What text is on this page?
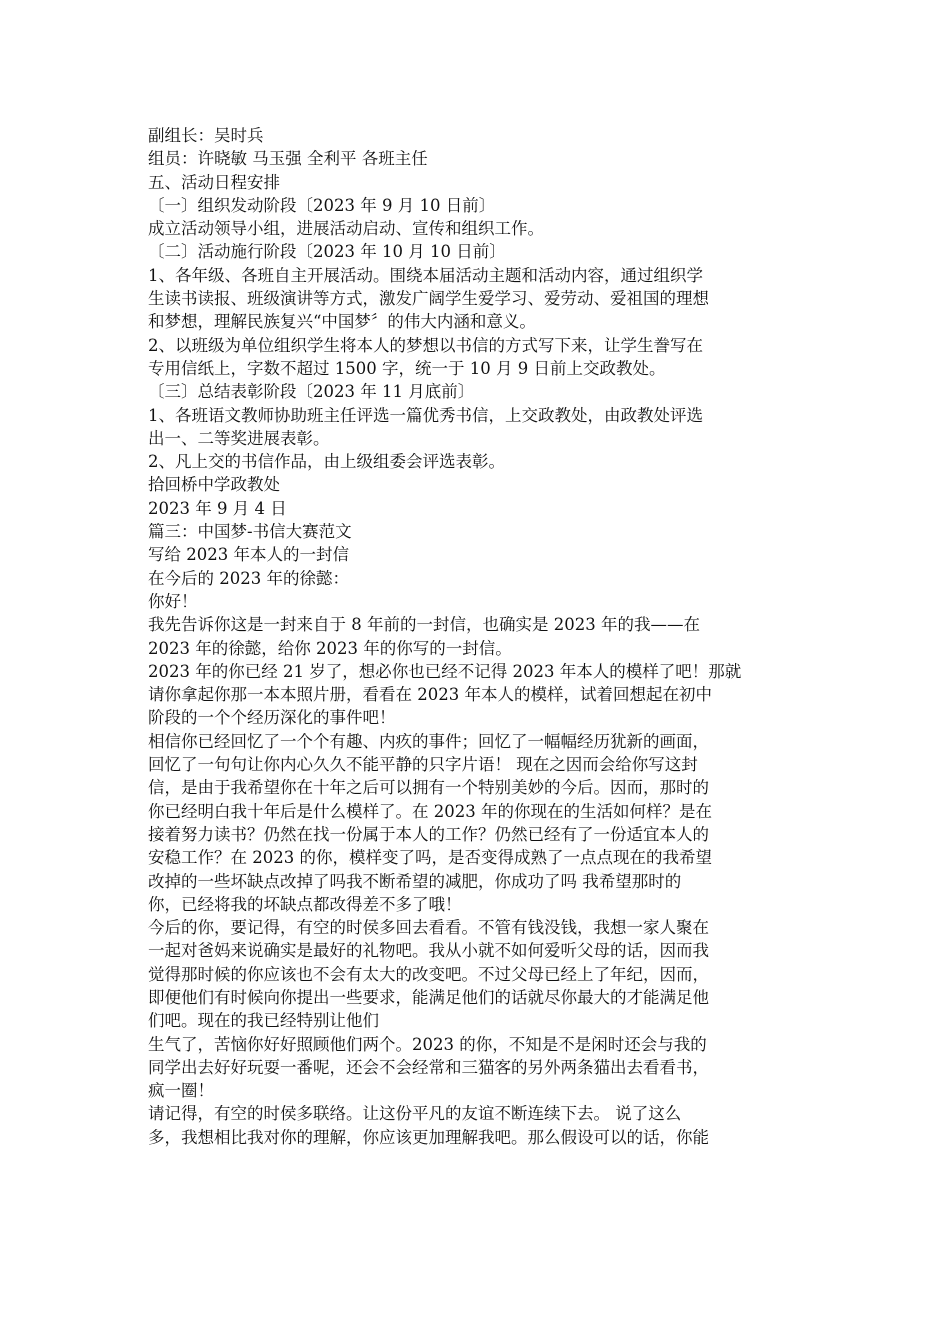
副组长：吴时兵
组员：许晓敏 马玉强 全利平 各班主任
五、活动日程安排
〔一〕组织发动阶段〔2023 年 9 月 10 日前〕
成立活动领导小组，进展活动启动、宣传和组织工作。
〔二〕活动施行阶段〔2023 年 10 月 10 日前〕
1、各年级、各班自主开展活动。围绕本届活动主题和活动内容，通过组织学
生读书读报、班级演讲等方式，激发广阔学生爱学习、爱劳动、爱祖国的理想
和梦想，理解民族复兴“中国梦〞的伟大内涵和意义。
2、以班级为单位组织学生将本人的梦想以书信的方式写下来，让学生誊写在
专用信纸上，字数不超过 1500 字，统一于 10 月 9 日前上交政教处。
〔三〕总结表彰阶段〔2023 年 11 月底前〕
1、各班语文教师协助班主任评选一篇优秀书信，上交政教处，由政教处评选
出一、二等奖进展表彰。
2、凡上交的书信作品，由上级组委会评选表彰。
拾回桥中学政教处
2023 年 9 月 4 日
篇三：中国梦-书信大赛范文
写给 2023 年本人的一封信
在今后的 2023 年的徐懿：
你好！
我先告诉你这是一封来自于 8 年前的一封信，也确实是 2023 年的我——在
2023 年的徐懿，给你 2023 年的你写的一封信。
2023 年的你已经 21 岁了，想必你也已经不记得 2023 年本人的模样了吧！那就
请你拿起你那一本本照片册，看看在 2023 年本人的模样，试着回想起在初中
阶段的一个个经历深化的事件吧！
相信你已经回忆了一个个有趣、内疚的事件；回忆了一幅幅经历犹新的画面，
回忆了一句句让你内心久久不能平静的只字片语！ 现在之因而会给你写这封
信，是由于我希望你在十年之后可以拥有一个特别美妙的今后。因而，那时的
你已经明白我十年后是什么模样了。在 2023 年的你现在的生活如何样？是在
接着努力读书？仍然在找一份属于本人的工作？仍然已经有了一份适宜本人的
安稳工作？在 2023 的你，模样变了吗，是否变得成熟了一点点现在的我希望
改掉的一些坏缺点改掉了吗我不断希望的减肥，你成功了吗 我希望那时的
你，已经将我的坏缺点都改得差不多了哦！
今后的你，要记得，有空的时侯多回去看看。不管有钱没钱，我想一家人聚在
一起对爸妈来说确实是最好的礼物吧。我从小就不如何爱听父母的话，因而我
觉得那时候的你应该也不会有太大的改变吧。不过父母已经上了年纪，因而，
即便他们有时候向你提出一些要求，能满足他们的话就尽你最大的才能满足他
们吧。现在的我已经特别让他们
生气了，苦恼你好好照顾他们两个。2023 的你，不知是不是闲时还会与我的
同学出去好好玩耍一番呢，还会不会经常和三猫客的另外两条猫出去看看书，
疯一圈！
请记得，有空的时侯多联络。让这份平凡的友谊不断连续下去。 说了这么
多，我想相比我对你的理解，你应该更加理解我吧。那么假设可以的话，你能
